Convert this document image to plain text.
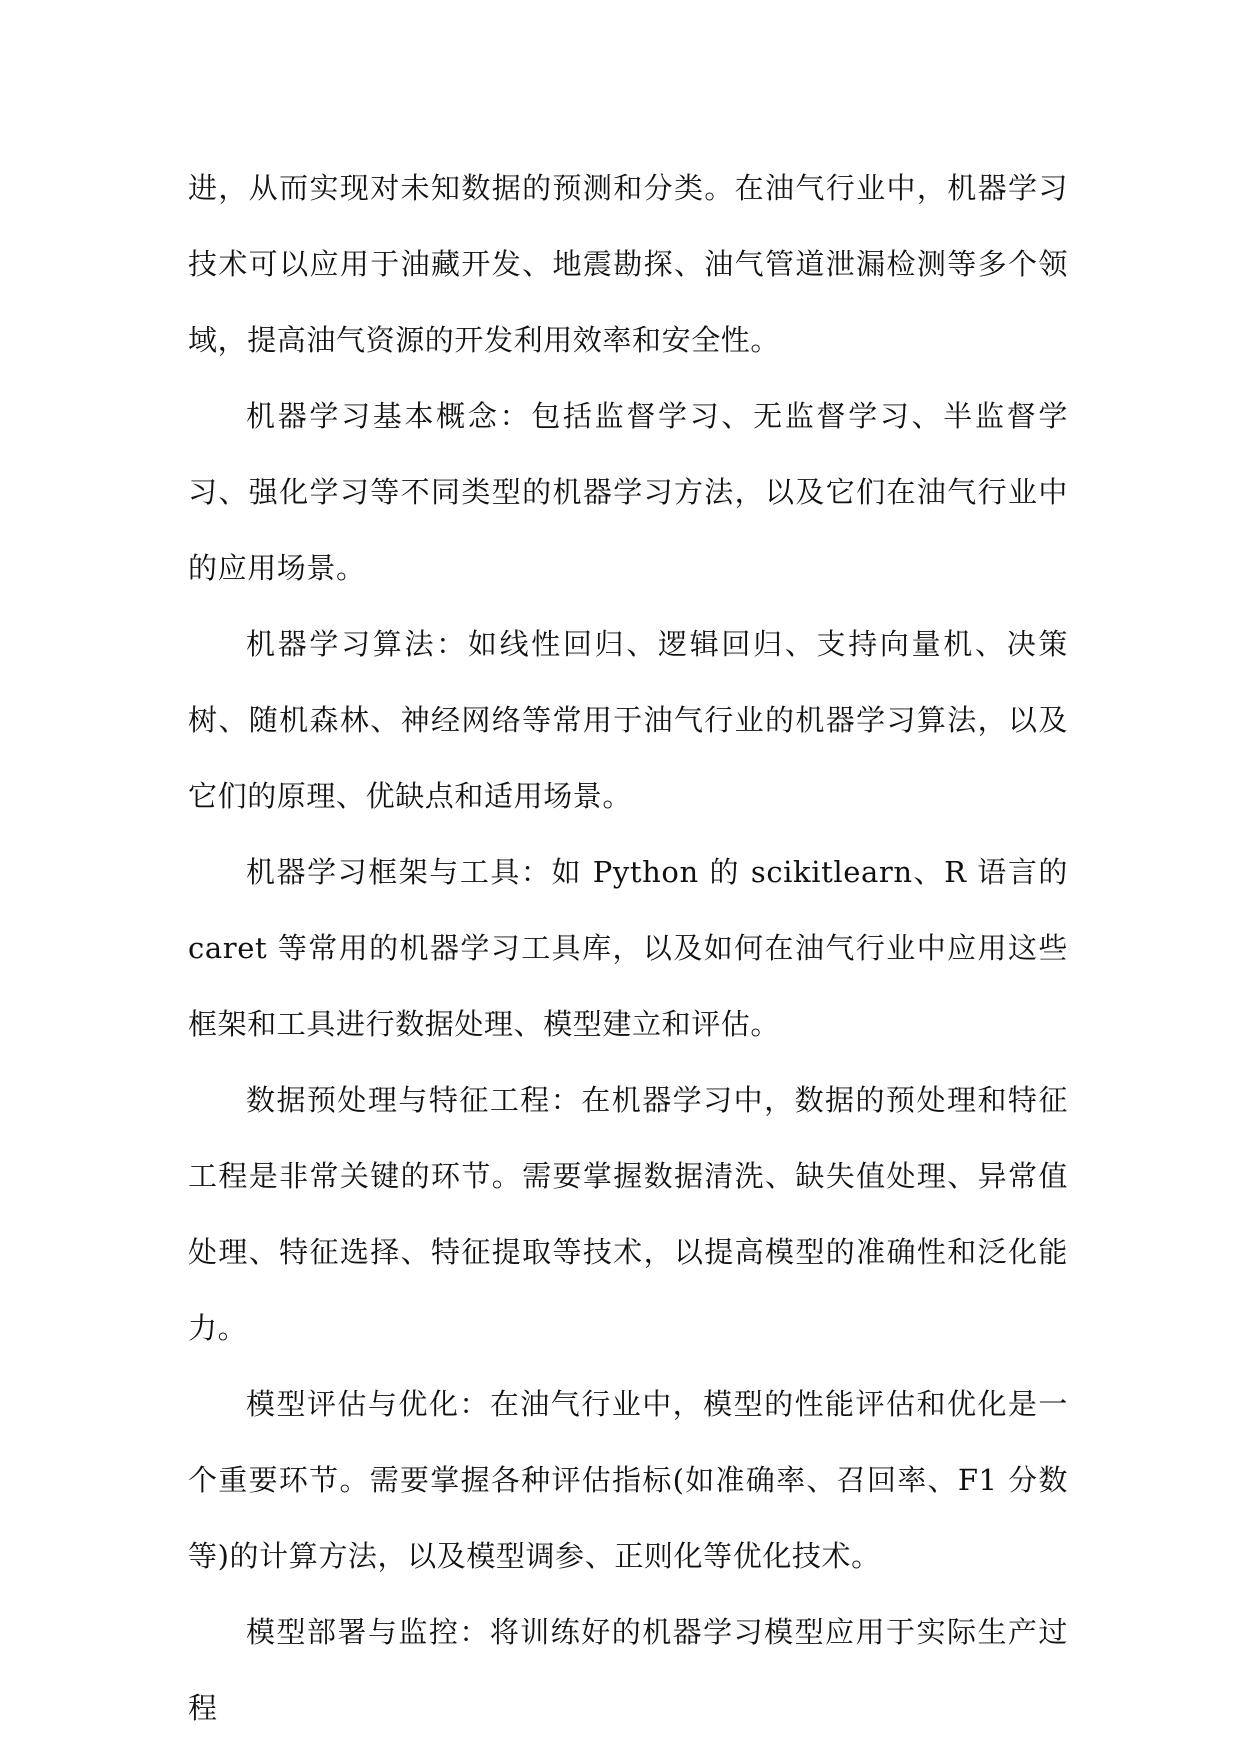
进，从而实现对未知数据的预测和分类。在油气行业中，机器学习技术可以应用于油藏开发、地震勘探、油气管道泄漏检测等多个领域，提高油气资源的开发利用效率和安全性。

机器学习基本概念：包括监督学习、无监督学习、半监督学习、强化学习等不同类型的机器学习方法，以及它们在油气行业中的应用场景。

机器学习算法：如线性回归、逻辑回归、支持向量机、决策树、随机森林、神经网络等常用于油气行业的机器学习算法，以及它们的原理、优缺点和适用场景。

机器学习框架与工具：如 Python 的 scikitlearn、R 语言的 caret 等常用的机器学习工具库，以及如何在油气行业中应用这些框架和工具进行数据处理、模型建立和评估。

数据预处理与特征工程：在机器学习中，数据的预处理和特征工程是非常关键的环节。需要掌握数据清洗、缺失值处理、异常值处理、特征选择、特征提取等技术，以提高模型的准确性和泛化能力。

模型评估与优化：在油气行业中，模型的性能评估和优化是一个重要环节。需要掌握各种评估指标(如准确率、召回率、F1 分数等)的计算方法，以及模型调参、正则化等优化技术。

模型部署与监控：将训练好的机器学习模型应用于实际生产过程
